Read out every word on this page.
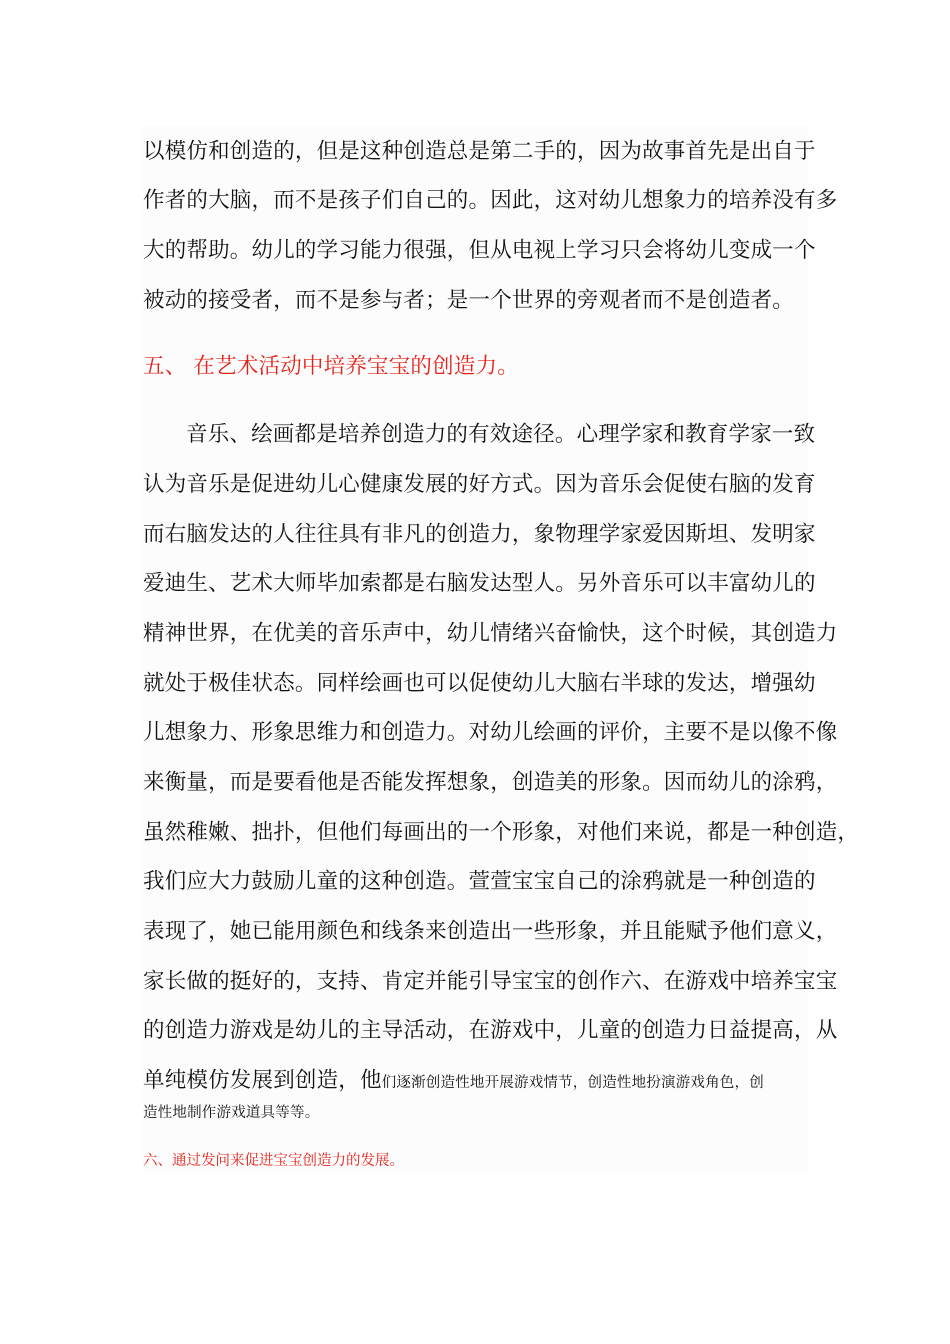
以模仿和创造的，但是这种创造总是第二手的，因为故事首先是出自于
作者的大脑，而不是孩子们自己的。因此，这对幼儿想象力的培养没有多
大的帮助。幼儿的学习能力很强，但从电视上学习只会将幼儿变成一个
被动的接受者，而不是参与者；是一个世界的旁观者而不是创造者。
五、 在艺术活动中培养宝宝的创造力。
音乐、绘画都是培养创造力的有效途径。心理学家和教育学家一致
认为音乐是促进幼儿心健康发展的好方式。因为音乐会促使右脑的发育
而右脑发达的人往往具有非凡的创造力，象物理学家爱因斯坦、发明家
爱迪生、艺术大师毕加索都是右脑发达型人。另外音乐可以丰富幼儿的
精神世界，在优美的音乐声中，幼儿情绪兴奋愉快，这个时候，其创造力
就处于极佳状态。同样绘画也可以促使幼儿大脑右半球的发达，增强幼
儿想象力、形象思维力和创造力。对幼儿绘画的评价，主要不是以像不像
来衡量，而是要看他是否能发挥想象，创造美的形象。因而幼儿的涂鸦，
虽然稚嫩、拙扑，但他们每画出的一个形象，对他们来说，都是一种创造，
我们应大力鼓励儿童的这种创造。萱萱宝宝自己的涂鸦就是一种创造的
表现了，她已能用颜色和线条来创造出一些形象，并且能赋予他们意义，
家长做的挺好的，支持、肯定并能引导宝宝的创作六、在游戏中培养宝宝
的创造力游戏是幼儿的主导活动，在游戏中，儿童的创造力日益提高，从
单纯模仿发展到创造，他们逐渐创造性地开展游戏情节，创造性地扮演游戏角色，创
造性地制作游戏道具等等。
六、通过发问来促进宝宝创造力的发展。
